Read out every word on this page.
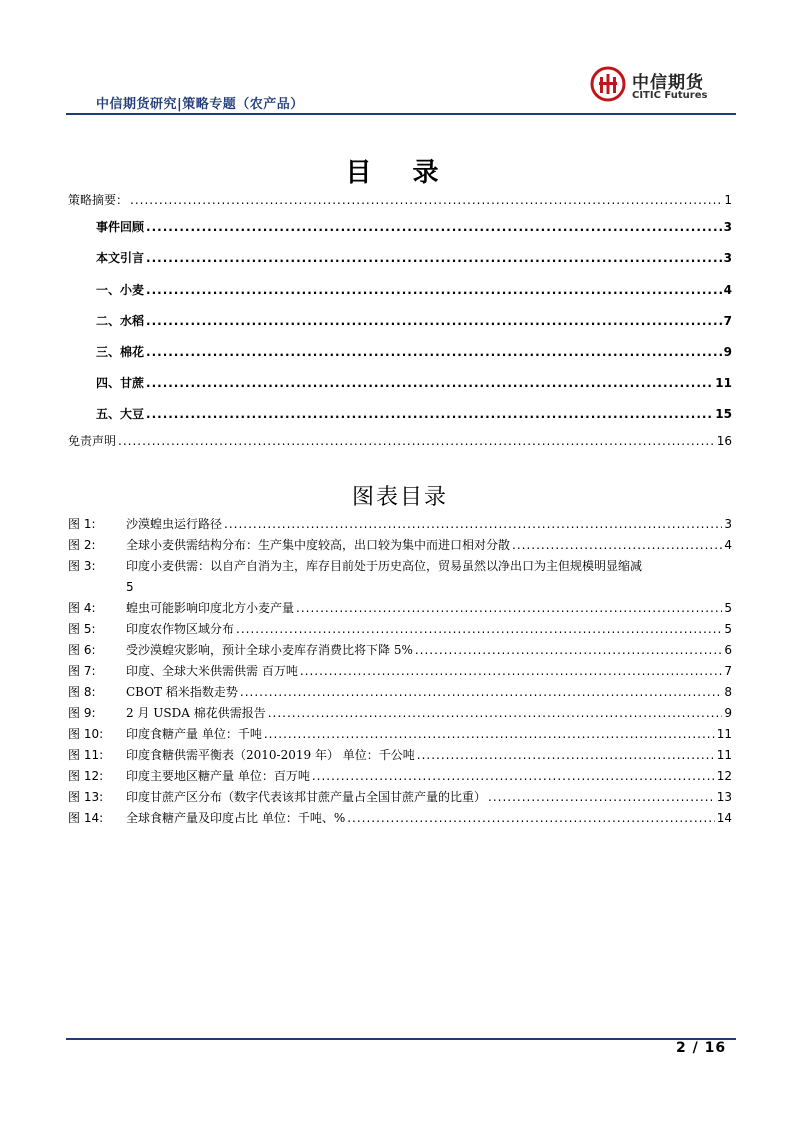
中信期货研究|策略专题（农产品）
中信期货
CITIC Futures
目 录
策略摘要： .....	1
事件回顾 .....	3
本文引言 .....	3
一、小麦 .....	4
二、水稻 .....	7
三、棉花 .....	9
四、甘蔗 .....	11
五、大豆 .....	15
免责声明 .....	16
图表目录
图 1:	沙漠蝗虫运行路径 .....	3
图 2:	全球小麦供需结构分布：生产集中度较高，出口较为集中而进口相对分散 .....	4
图 3:	印度小麦供需：以自产自消为主，库存目前处于历史高位，贸易虽然以净出口为主但规模明显缩减
5
图 4:	蝗虫可能影响印度北方小麦产量 .....	5
图 5:	印度农作物区域分布 .....	5
图 6:	受沙漠蝗灾影响，预计全球小麦库存消费比将下降 5% .....	6
图 7:	印度、全球大米供需供需 百万吨 .....	7
图 8:	CBOT 稻米指数走势 .....	8
图 9:	2 月 USDA 棉花供需报告 .....	9
图 10:	印度食糖产量 单位：千吨 .....	11
图 11:	印度食糖供需平衡表（2010-2019 年） 单位：千公吨 .....	11
图 12:	印度主要地区糖产量 单位：百万吨 .....	12
图 13:	印度甘蔗产区分布（数字代表该邦甘蔗产量占全国甘蔗产量的比重） .....	13
图 14:	全球食糖产量及印度占比 单位：千吨、% .....	14
2 / 16
